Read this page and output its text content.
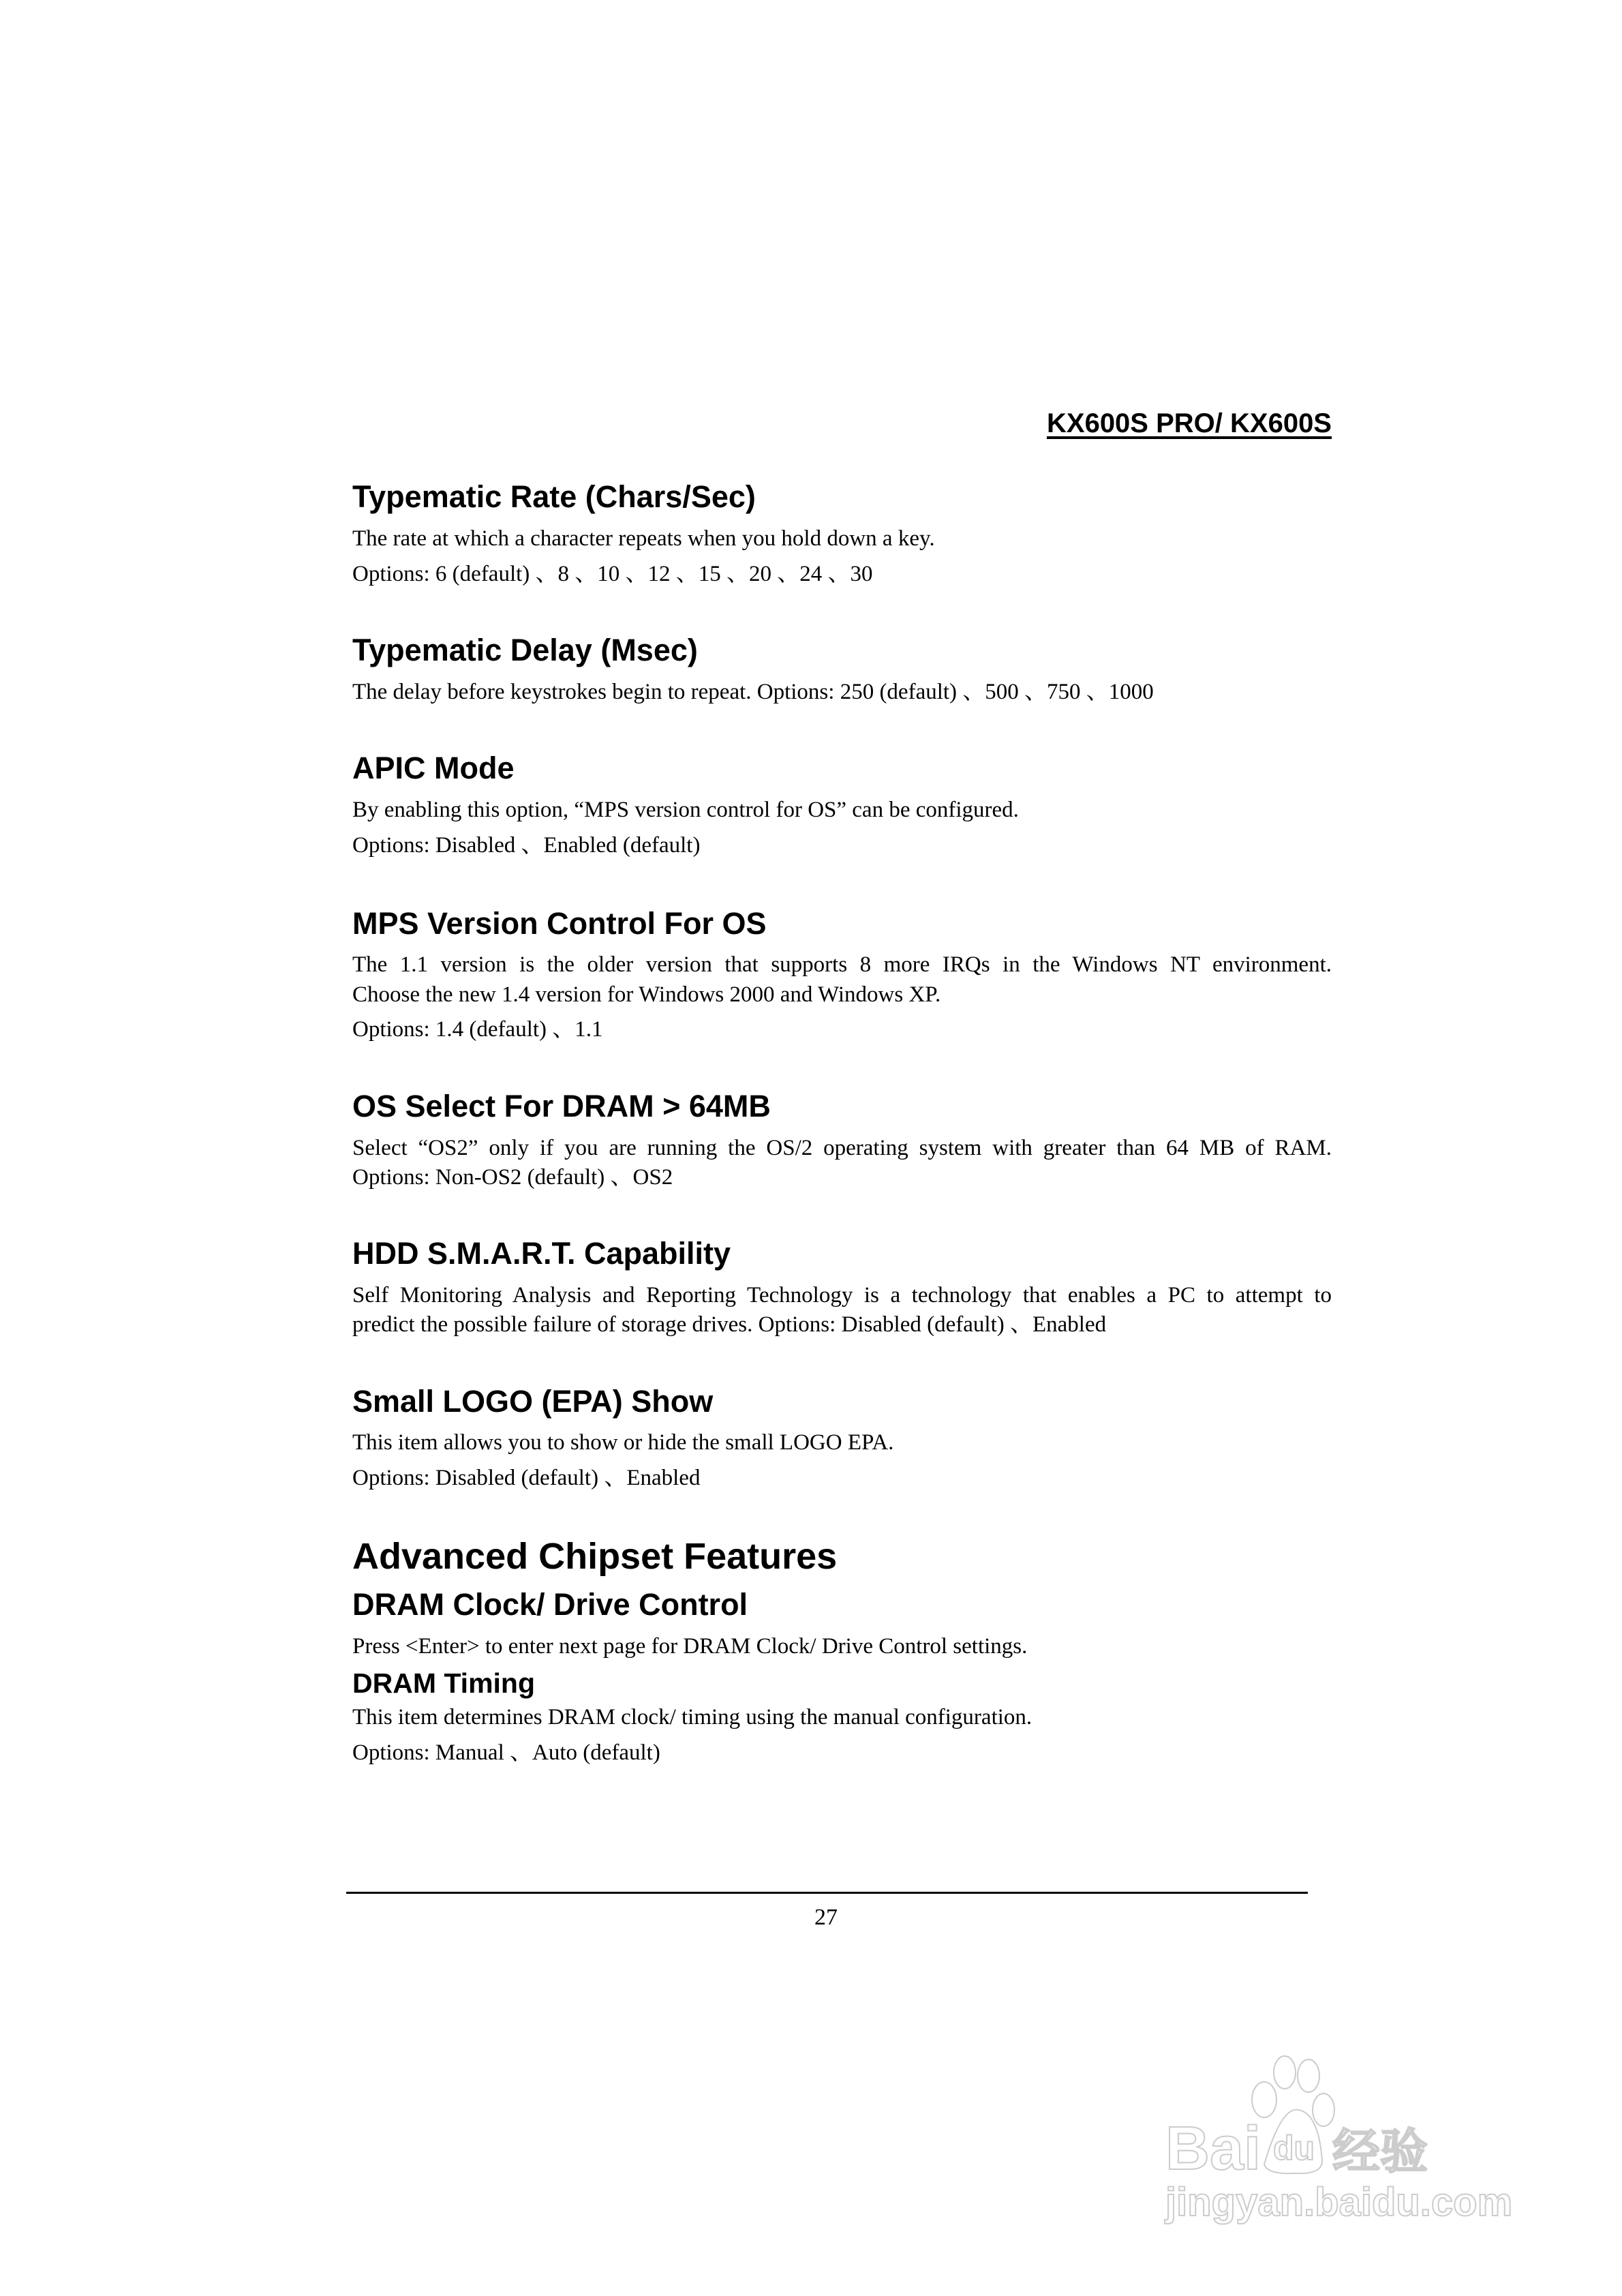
KX600S PRO/ KX600S
Typematic Rate (Chars/Sec)
The rate at which a character repeats when you hold down a key.
Options: 6 (default) 、8 、10 、12 、15 、20 、24 、30
Typematic Delay (Msec)
The delay before keystrokes begin to repeat. Options: 250 (default) 、500 、750 、1000
APIC Mode
By enabling this option, “MPS version control for OS” can be configured.
Options: Disabled 、Enabled (default)
MPS Version Control For OS
The 1.1 version is the older version that supports 8 more IRQs in the Windows NT environment.
Choose the new 1.4 version for Windows 2000 and Windows XP.
Options: 1.4 (default) 、1.1
OS Select For DRAM > 64MB
Select “OS2” only if you are running the OS/2 operating system with greater than 64 MB of RAM.
Options: Non-OS2 (default) 、OS2
HDD S.M.A.R.T. Capability
Self Monitoring Analysis and Reporting Technology is a technology that enables a PC to attempt to
predict the possible failure of storage drives. Options: Disabled (default) 、Enabled
Small LOGO (EPA) Show
This item allows you to show or hide the small LOGO EPA.
Options: Disabled (default) 、Enabled
Advanced Chipset Features
DRAM Clock/ Drive Control
Press <Enter> to enter next page for DRAM Clock/ Drive Control settings.
DRAM Timing
This item determines DRAM clock/ timing using the manual configuration.
Options: Manual 、Auto (default)
27
Bai du 经验
jingyan.baidu.com
